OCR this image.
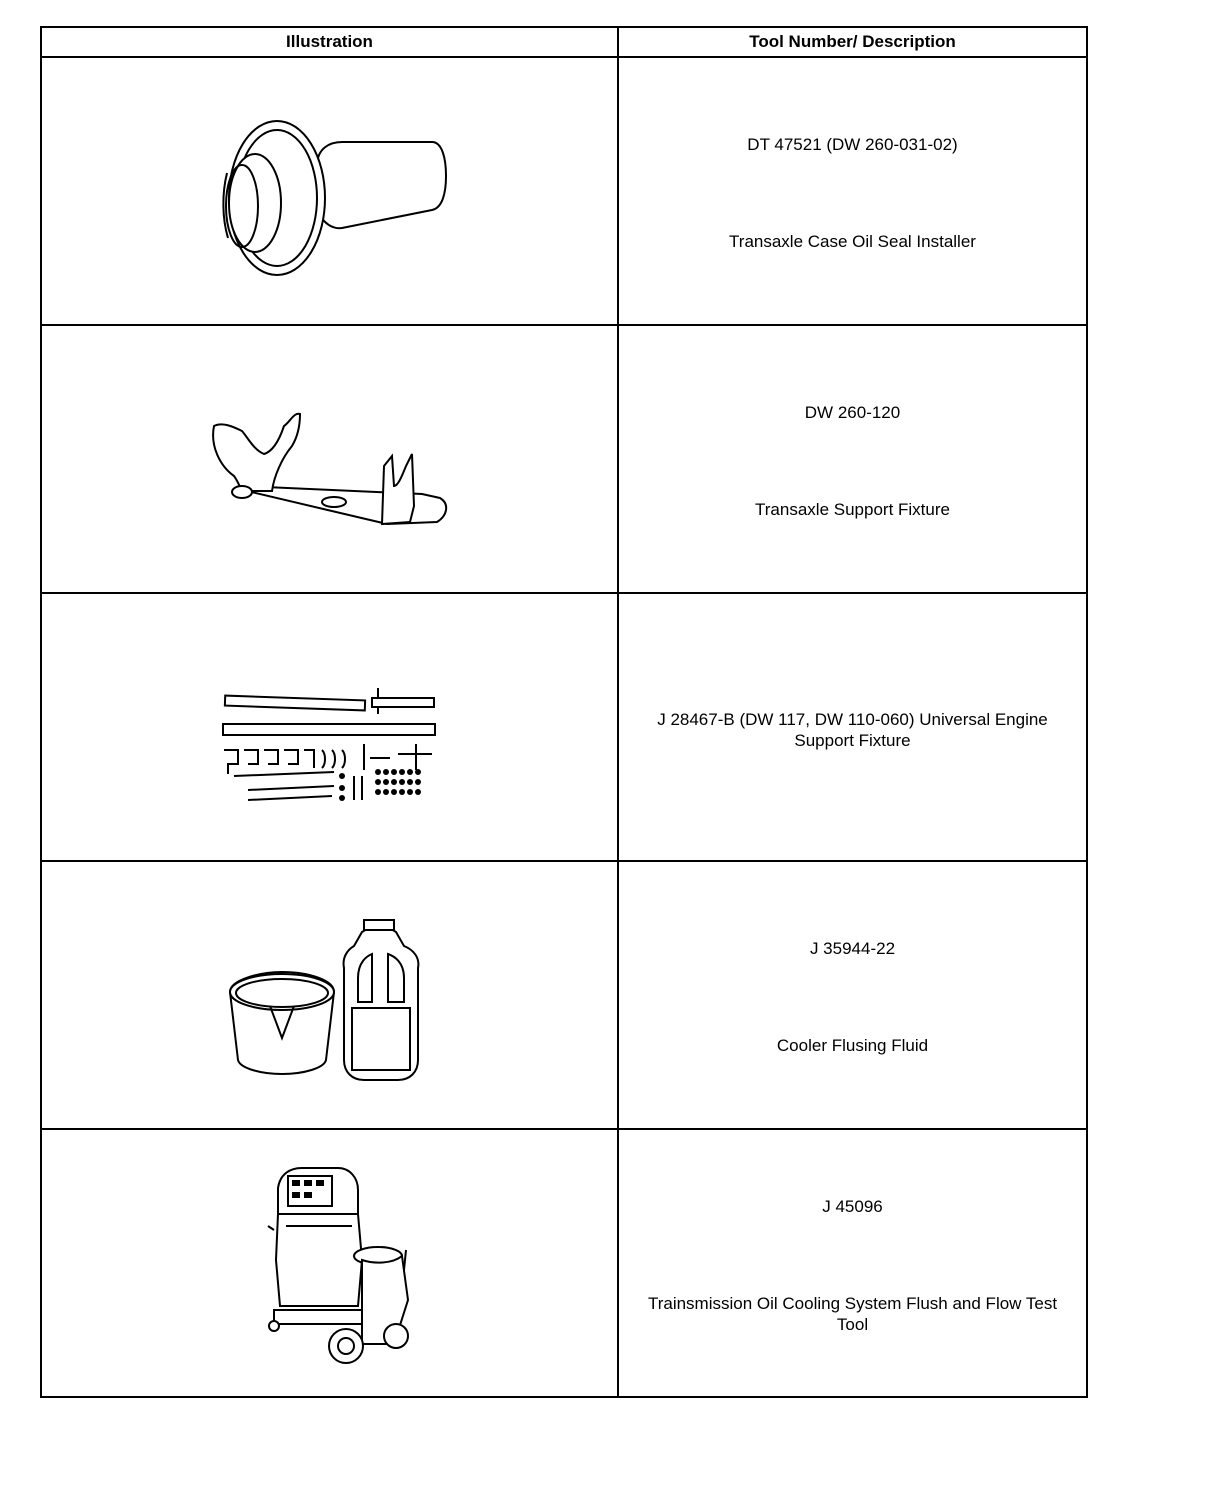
Illustration	Tool Number/ Description

DT 47521 (DW 260-031-02)
Transaxle Case Oil Seal Installer

DW 260-120
Transaxle Support Fixture

J 28467-B (DW 117, DW 110-060) Universal Engine Support Fixture

J 35944-22
Cooler Flusing Fluid

J 45096
Trainsmission Oil Cooling System Flush and Flow Test Tool
